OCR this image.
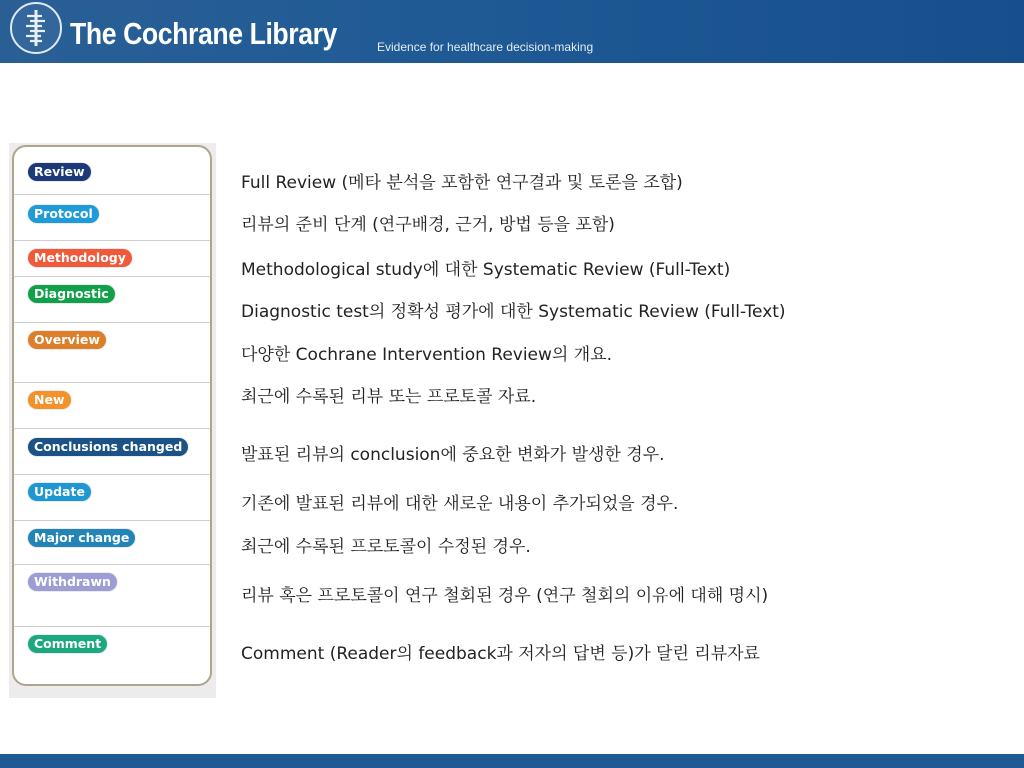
The Cochrane Library	Evidence for healthcare decision-making
Review
Protocol
Methodology
Diagnostic
Overview
New
Conclusions changed
Update
Major change
Withdrawn
Comment
Full Review (메타 분석을 포함한 연구결과 및 토론을 조합)
리뷰의 준비 단계 (연구배경, 근거, 방법 등을 포함)
Methodological study에 대한 Systematic Review (Full-Text)
Diagnostic test의 정확성 평가에 대한 Systematic Review (Full-Text)
다양한 Cochrane Intervention Review의 개요.
최근에 수록된 리뷰 또는 프로토콜 자료.
발표된 리뷰의 conclusion에 중요한 변화가 발생한 경우.
기존에 발표된 리뷰에 대한 새로운 내용이 추가되었을 경우.
최근에 수록된 프로토콜이 수정된 경우.
리뷰 혹은 프로토콜이 연구 철회된 경우 (연구 철회의 이유에 대해 명시)
Comment (Reader의 feedback과 저자의 답변 등)가 달린 리뷰자료
